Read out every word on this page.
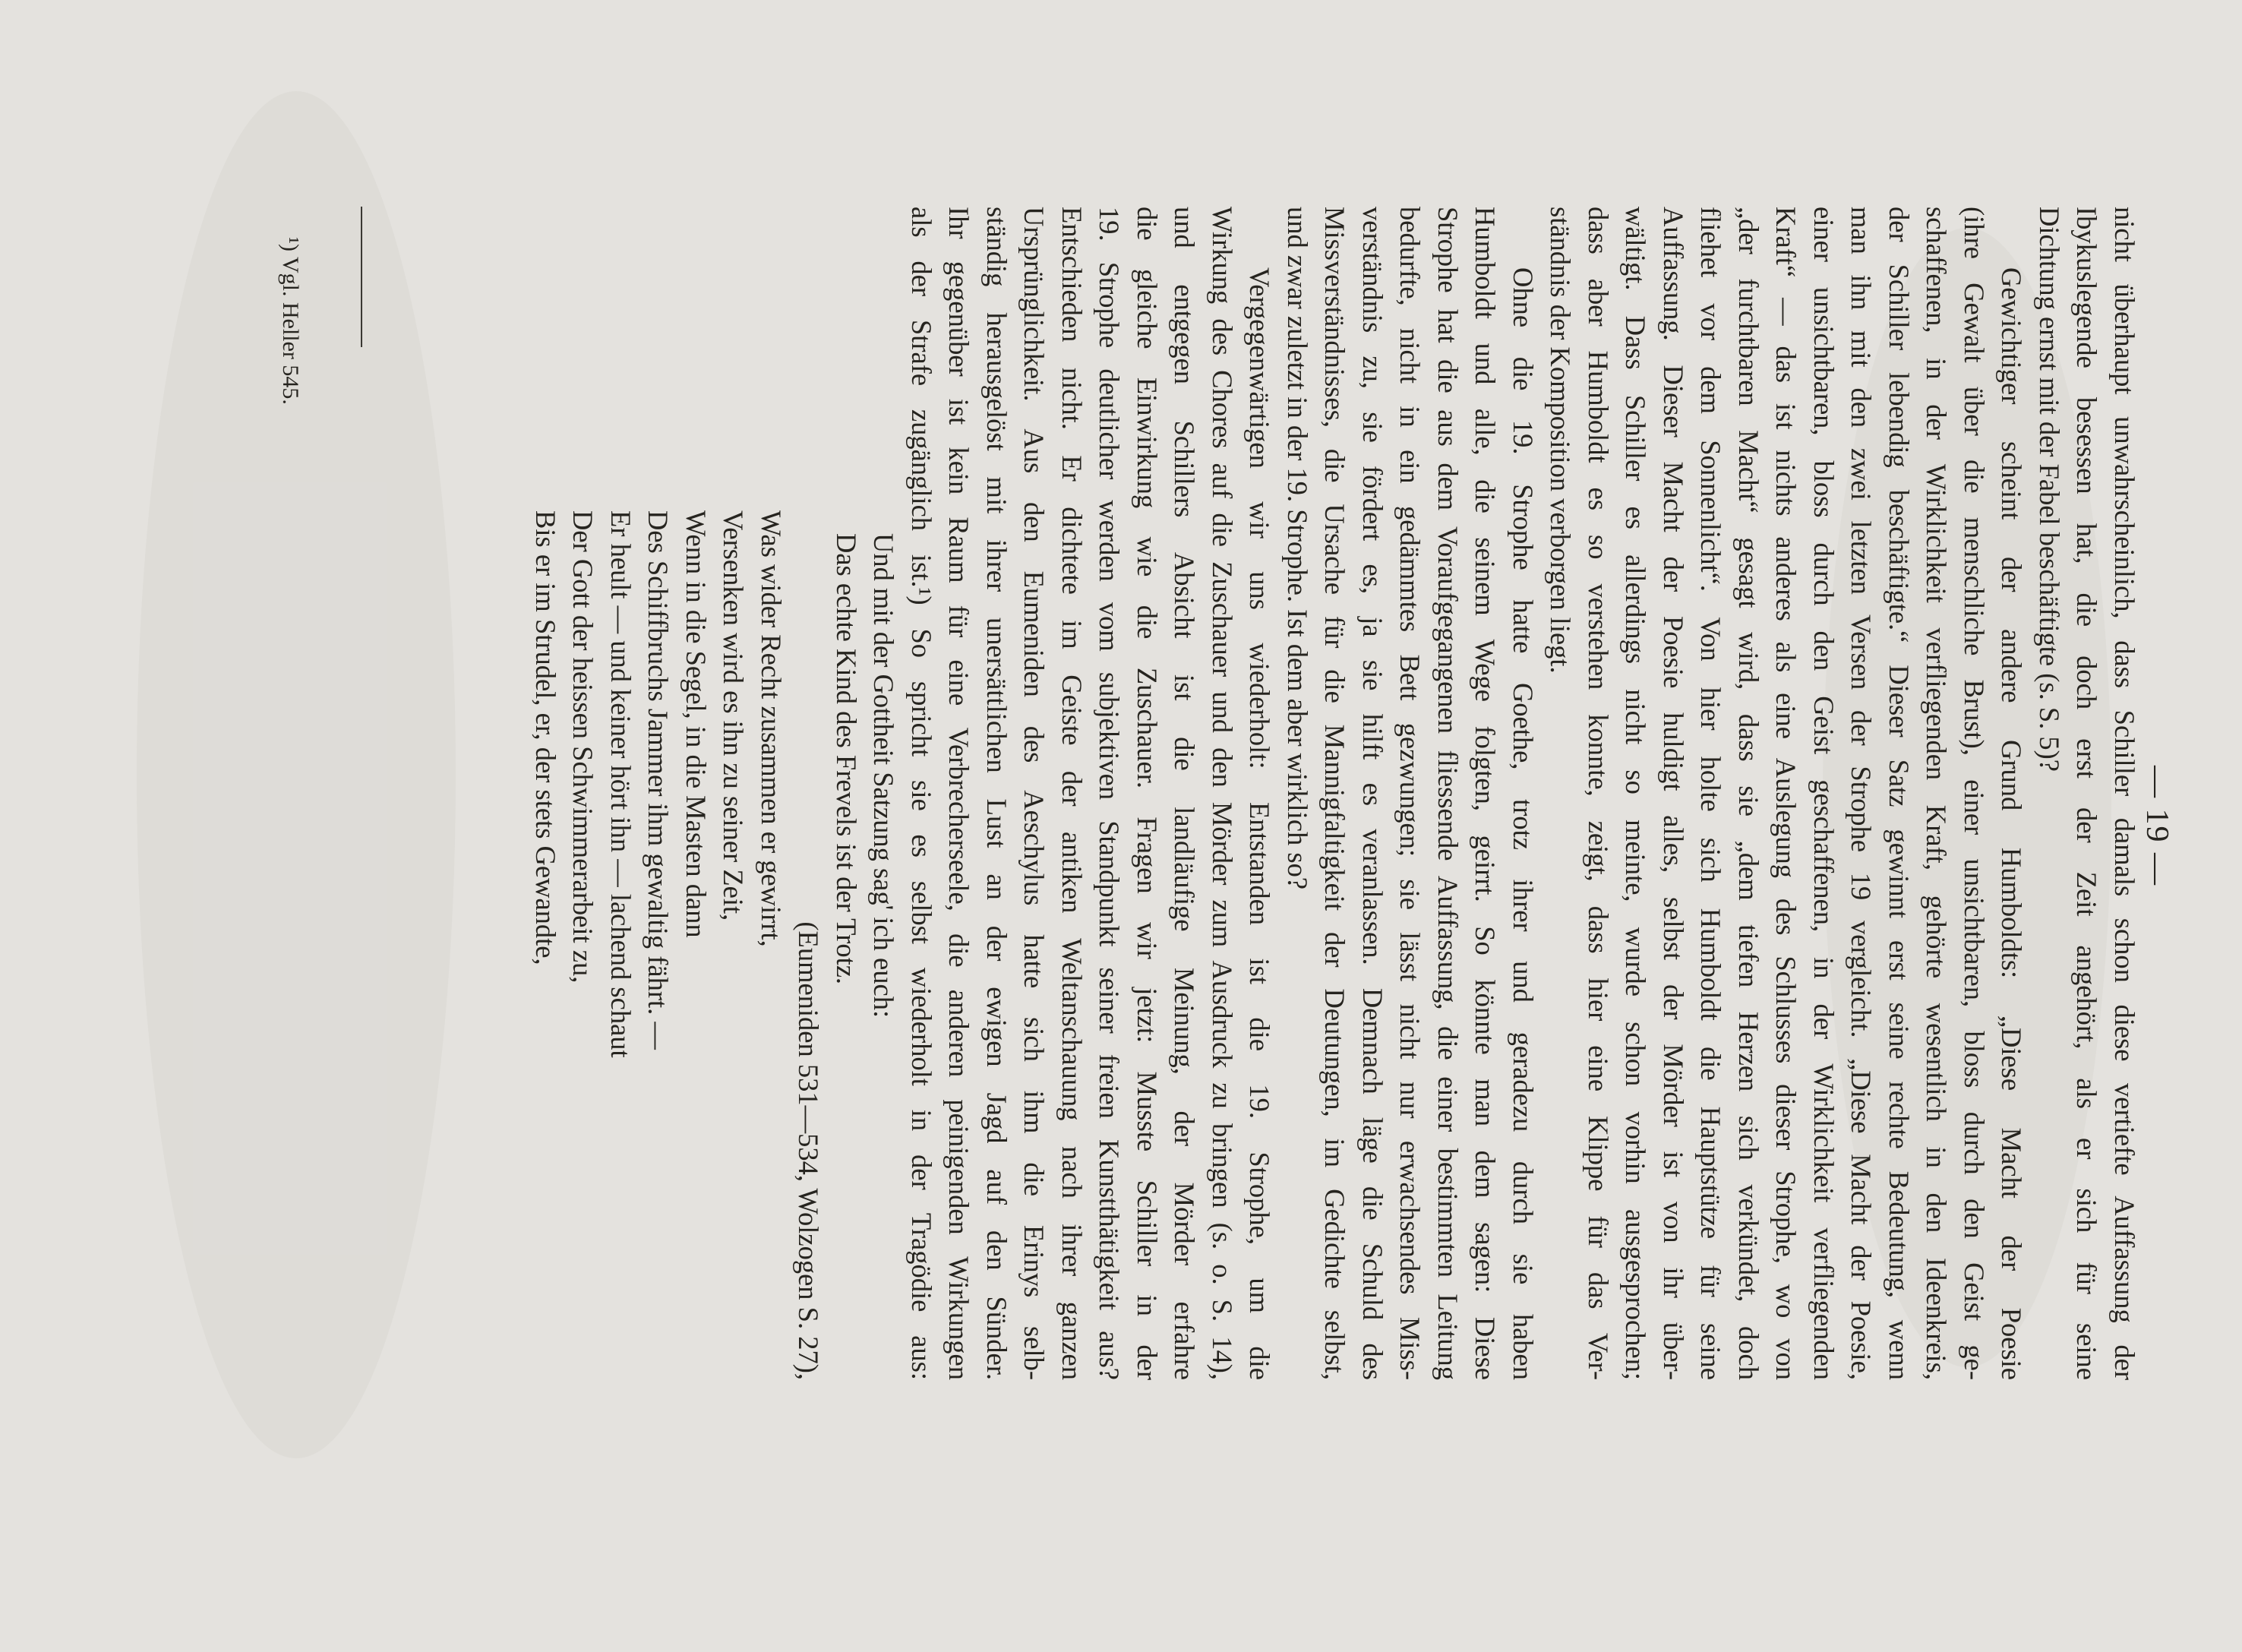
— 19 —
nicht überhaupt unwahrscheinlich, dass Schiller damals schon diese vertiefte Auffassung der
Ibykuslegende besessen hat, die doch erst der Zeit angehört, als er sich für seine
Dichtung ernst mit der Fabel beschäftigte (s. S. 5)?
Gewichtiger scheint der andere Grund Humboldts: „Diese Macht der Poesie
(ihre Gewalt über die menschliche Brust), einer unsichtbaren, bloss durch den Geist ge-
schaffenen, in der Wirklichkeit verfliegenden Kraft, gehörte wesentlich in den Ideenkreis,
der Schiller lebendig beschäftigte.“ Dieser Satz gewinnt erst seine rechte Bedeutung, wenn
man ihn mit den zwei letzten Versen der Strophe 19 vergleicht. „Diese Macht der Poesie,
einer unsichtbaren, bloss durch den Geist geschaffenen, in der Wirklichkeit verfliegenden
Kraft“ — das ist nichts anderes als eine Auslegung des Schlusses dieser Strophe, wo von
„der furchtbaren Macht“ gesagt wird, dass sie „dem tiefen Herzen sich verkündet, doch
fliehet vor dem Sonnenlicht“. Von hier holte sich Humboldt die Hauptstütze für seine
Auffassung. Dieser Macht der Poesie huldigt alles, selbst der Mörder ist von ihr über-
wältigt. Dass Schiller es allerdings nicht so meinte, wurde schon vorhin ausgesprochen;
dass aber Humboldt es so verstehen konnte, zeigt, dass hier eine Klippe für das Ver-
ständnis der Komposition verborgen liegt.
Ohne die 19. Strophe hatte Goethe, trotz ihrer und geradezu durch sie haben
Humboldt und alle, die seinem Wege folgten, geirrt. So könnte man dem sagen: Diese
Strophe hat die aus dem Voraufgegangenen fliessende Auffassung, die einer bestimmten Leitung
bedurfte, nicht in ein gedämmtes Bett gezwungen; sie lässt nicht nur erwachsendes Miss-
verständnis zu, sie fördert es, ja sie hilft es veranlassen. Demnach läge die Schuld des
Missverständnisses, die Ursache für die Mannigfaltigkeit der Deutungen, im Gedichte selbst,
und zwar zuletzt in der 19. Strophe. Ist dem aber wirklich so?
Vergegenwärtigen wir uns wiederholt: Entstanden ist die 19. Strophe, um die
Wirkung des Chores auf die Zuschauer und den Mörder zum Ausdruck zu bringen (s. o. S. 14),
und entgegen Schillers Absicht ist die landläufige Meinung, der Mörder erfahre
die gleiche Einwirkung wie die Zuschauer. Fragen wir jetzt: Musste Schiller in der
19. Strophe deutlicher werden vom subjektiven Standpunkt seiner freien Kunstthätigkeit aus?
Entschieden nicht. Er dichtete im Geiste der antiken Weltanschauung nach ihrer ganzen
Ursprünglichkeit. Aus den Eumeniden des Aeschylus hatte sich ihm die Erinys selb-
ständig herausgelöst mit ihrer unersättlichen Lust an der ewigen Jagd auf den Sünder.
Ihr gegenüber ist kein Raum für eine Verbrecherseele, die anderen peinigenden Wirkungen
als der Strafe zugänglich ist.¹) So spricht sie es selbst wiederholt in der Tragödie aus:
Und mit der Gottheit Satzung sag' ich euch:
Das echte Kind des Frevels ist der Trotz.
(Eumeniden 531—534, Wolzogen S. 27),
Was wider Recht zusammen er gewirrt,
Versenken wird es ihn zu seiner Zeit,
Wenn in die Segel, in die Masten dann
Des Schiffbruchs Jammer ihm gewaltig fährt. —
Er heult — und keiner hört ihn — lachend schaut
Der Gott der heissen Schwimmerarbeit zu,
Bis er im Strudel, er, der stets Gewandte,
¹) Vgl. Heller 545.
